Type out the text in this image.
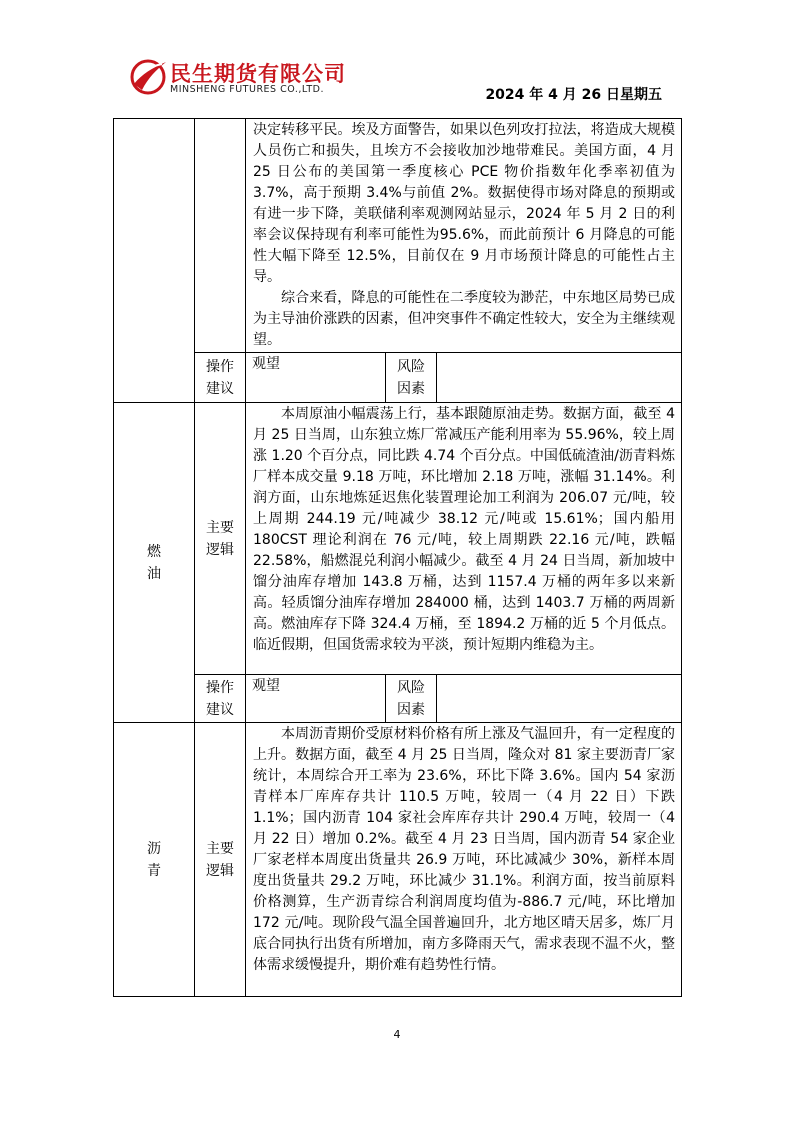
民生期货有限公司
MINSHENG FUTURES CO.,LTD.	2024 年 4 月 26 日星期五

		决定转移平民。埃及方面警告，如果以色列攻打拉法，将造成大规模人员伤亡和损失，且埃方不会接收加沙地带难民。美国方面，4 月 25 日公布的美国第一季度核心 PCE 物价指数年化季率初值为 3.7%，高于预期 3.4%与前值 2%。数据使得市场对降息的预期或有进一步下降，美联储利率观测网站显示，2024 年 5 月 2 日的利率会议保持现有利率可能性为95.6%，而此前预计 6 月降息的可能性大幅下降至 12.5%，目前仅在 9 月市场预计降息的可能性占主导。

综合来看，降息的可能性在二季度较为渺茫，中东地区局势已成为主导油价涨跌的因素，但冲突事件不确定性较大，安全为主继续观望。		

	操作建议	观望	风险因素	
燃油	主要逻辑	本周原油小幅震荡上行，基本跟随原油走势。数据方面，截至 4 月 25 日当周，山东独立炼厂常减压产能利用率为 55.96%，较上周涨 1.20 个百分点，同比跌 4.74 个百分点。中国低硫渣油/沥青料炼厂样本成交量 9.18 万吨，环比增加 2.18 万吨，涨幅 31.14%。利润方面，山东地炼延迟焦化装置理论加工利润为 206.07 元/吨，较上周期 244.19 元/吨减少 38.12 元/吨或 15.61%；国内船用 180CST 理论利润在 76 元/吨，较上周期跌 22.16 元/吨，跌幅 22.58%，船燃混兑利润小幅减少。截至 4 月 24 日当周，新加坡中馏分油库存增加 143.8 万桶，达到 1157.4 万桶的两年多以来新高。轻质馏分油库存增加 284000 桶，达到 1403.7 万桶的两周新高。燃油库存下降 324.4 万桶，至 1894.2 万桶的近 5 个月低点。临近假期，但国货需求较为平淡，预计短期内维稳为主。		

	操作建议	观望	风险因素	
沥青	主要逻辑	本周沥青期价受原材料价格有所上涨及气温回升，有一定程度的上升。数据方面，截至 4 月 25 日当周，隆众对 81 家主要沥青厂家统计，本周综合开工率为 23.6%，环比下降 3.6%。国内 54 家沥青样本厂库库存共计 110.5 万吨，较周一（4 月 22 日）下跌 1.1%；国内沥青 104 家社会库库存共计 290.4 万吨，较周一（4 月 22 日）增加 0.2%。截至 4 月 23 日当周，国内沥青 54 家企业厂家老样本周度出货量共 26.9 万吨，环比减减少 30%，新样本周度出货量共 29.2 万吨，环比减少 31.1%。利润方面，按当前原料价格测算，生产沥青综合利润周度均值为-886.7 元/吨，环比增加 172 元/吨。现阶段气温全国普遍回升，北方地区晴天居多，炼厂月底合同执行出货有所增加，南方多降雨天气，需求表现不温不火，整体需求缓慢提升，期价难有趋势性行情。		

4
